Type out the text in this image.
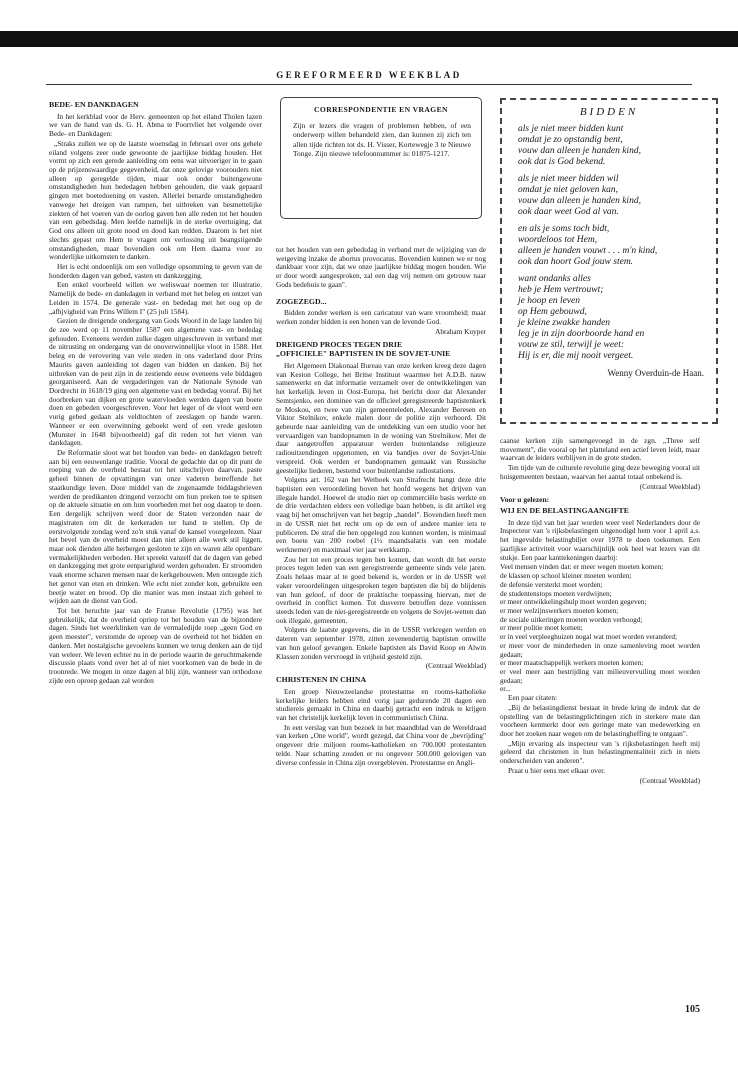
GEREFORMEERD WEEKBLAD
BEDE- EN DANKDAGEN

In het kerkblad voor de Herv. gemeenten op het eiland Tholen lazen we van de hand van ds. G. H. Abma te Poortvliet het volgende over Bede- en Dankdagen:

„Straks zullen we op de laatste woensdag in februari over ons gehele eiland volgens zeer oude gewoonte de jaarlijkse biddag houden. Het vormt op zich een gerede aanleiding om eens wat uitvoeriger in te gaan op de prijzenswaardige gegevenheid, dat onze gelovige voorouders niet alleen op geregelde tijden, maar ook onder buitengewone omstandigheden hun bededagen hebben gehouden, die vaak gepaard gingen met boetedoening en vasten. Allerlei benarde omstandigheden vanwege het dreigen van rampen, het uitbreken van besmettelijke ziekten of het voeren van de oorlog gaven hen alle reden tot het houden van een gebedsdag. Men leefde namelijk in de sterke overtuiging, dat God ons alleen uit grote nood en dood kan redden. Daarom is het niet slechts gepast om Hem te vragen om verlossing uit beangstigende omstandigheden, maar bovendien ook om Hem daarna voor zo wonderlijke uitkomsten te danken.

Het is echt ondoenlijk om een volledige opsomming te geven van de honderden dagen van gebed, vasten en dankzegging.

Een enkel voorbeeld willen we weliswaar noemen ter illustratie. Namelijk de bede- en dankdagen in verband met het beleg en ontzet van Leiden in 1574. De generale vast- en bededag met het oog op de „afhjvigheid van Prins Willem I" (25 juli 1584).

Gezien de dreigende ondergang van Gods Woord in de lage landen bij de zee werd op 11 november 1587 een algemene vast- en bededag gehouden. Eveneens werden zulke dagen uitgeschreven in verband met de uitrusting en ondergang van de onoverwinnelijke vloot in 1588. Het beleg en de verovering van vele steden in ons vaderland door Prins Maurits gaven aanleiding tot dagen van bidden en danken. Bij het uitbreken van de pest zijn in de zestiende eeuw eveneens vele biddagen georganiseerd. Aan de vergaderingen van de Nationale Synode van Dordrecht in 1618/19 ging een algemene vast en bededag vooraf. Bij het doorbreken van dijken en grote watervloeden werden dagen van boete doen en gebeden voorgeschreven. Voor het leger of de vloot werd een vurig gebed gedaan als veldtochten of zeeslagen op hande waren. Wanneer er een overwinning geboekt werd of een vrede gesloten (Munster in 1648 bijvoorbeeld) gaf dit reden tot het vieren van dankdagen.

De Reformatie sloot wat het houden van bede- en dankdagen betreft aan bij een eeuwenlange traditie. Vooral de gedachte dat op dit punt de roeping van de overheid bestaat tot het uitschrijven daarvan, paste geheel binnen de opvattingen van onze vaderen betreffende het staatkundige leven. Door middel van de zogenaamde biddagsbrieven werden de predikanten dringend verzocht om hun preken toe te spitsen op de aktuele situatie en om hun voorbeden met het oog daarop te doen. Een dergelijk schrijven werd door de Staten verzonden naar de magistraten om dit de kerkeraden ter hand te stellen. Op de eerstvolgende zondag werd zo'n stuk vanaf de kansel voorgelezen. Naar het bevel van de overheid moest dan niet alleen alle werk stil liggen, maar ook dienden alle herbergen gesloten te zijn en waren alle openbare vermakelijkheden verboden. Het spreekt vanzelf dat de dagen van gebed en dankzegging met grote eenparigheid werden gehouden. Er stroomden vaak enorme scharen mensen naar de kerkgebouwen. Men ontzegde zich het genot van eten en drinken. Wie echt niet zonder kon, gebruikte een beetje water en brood. Op die manier was men instaat zich geheel te wijden aan de dienst van God.

Tot het beruchte jaar van de Franse Revolutie (1795) was het gebruikelijk, dat de overheid opriep tot het houden van de bijzondere dagen. Sinds het weerklinken van de vermaledijde roep „geen God en geen meester", verstomde de oproep van de overheid tot het bidden en danken. Met nostalgische gevoelens kunnen we terug denken aan de tijd van weleer. We leven echter nu in de periode waarin de geruchtmakende discussie plaats vond over het al of niet voorkomen van de bede in de troonrede. We mogen in onze dagen al blij zijn, wanneer van orthodoxe zijde een oproep gedaan zal worden

CORRESPONDENTIE EN VRAGEN
Zijn er lezers die vragen of problemen hebben, of een onderwerp willen behandeld zien, dan kunnen zij zich ten allen tijde richten tot ds. H. Visser, Kortewegje 3 te Nieuwe Tonge. Zijn nieuwe telefoonnummer is: 01875-1217.
BIDDEN
als je niet meer bidden kunt
omdat je zo opstandig bent,
vouw dan alleen je handen kind,
ook dat is God bekend.
als je niet meer bidden wil
omdat je niet geloven kan,
vouw dan alleen je handen kind,
ook daar weet God al van.
en als je soms toch bidt,
woordeloos tot Hem,
alleen je handen vouwt . . . m'n kind,
ook dan hoort God jouw stem.
want ondanks alles
heb je Hem vertrouwt;
je hoop en leven
op Hem gebouwd,
je kleine zwakke handen
leg je in zijn doorboorde hand en
vouw ze stil, terwijl je weet:
Hij is er, die mij nooit vergeet.
Wenny Overduin-de Haan.

tot het houden van een gebedsdag in verband met de wijziging van de wetgeving inzake de abortus provocatus. Bovendien kunnen we er nog dankbaar voor zijn, dat we onze jaarlijkse biddag mogen houden. Wie er door wordt aangesproken, zal een dag vrij nemen om getrouw naar Gods bedehuis te gaan".

ZOGEZEGD...

Bidden zonder werken is een caricatuur van ware vroomheid; maar werken zonder bidden is een honen van de levende God.

Abraham Kuyper
DREIGEND PROCES TEGEN DRIE
„OFFICIELE" BAPTISTEN IN DE SOVJET-UNIE

Het Algemeen Diakonaal Bureau van onze kerken kreeg deze dagen van Keston College, het Britse Instituut waarmee het A.D.B. nauw samenwerkt en dat informatie verzamelt over de ontwikkelingen van het kerkelijk leven in Oost-Europa, het bericht door dat Alexander Semtsjenko, een dominee van de officieel geregistreerde baptistenkerk te Moskou, en twee van zijn gemeenteleden, Alexander Beresen en Viktor Stelnikov, enkele malen door de politie zijn verhoord. Dit gebeurde naar aanleiding van de ontdekking van een studio voor het vervaardigen van bandopnamen in de woning van Strelnikow. Met de daar aangetroffen apparatuur werden buitenlandse religieuze radiouitzendingen opgenomen, en via bandjes over de Sovjet-Unie verspreid. Ook werden er bandopnamen gemaakt van Russische geestelijke liederen, bestemd voor buitenlandse radiostations.

Volgens art. 162 van het Wetboek van Strafrecht hangt deze drie baptisten een veroordeling boven het hoofd wegens het drijven van illegale handel. Hoewel de studio niet op commerciële basis werkte en de drie verdachten elders een volledige baan hebben, is dit artikel erg vaag bij het omschrijven van het begrip „handel". Bovendien heeft men in de USSR niet het recht om op de een of andere manier iets te publiceren. De straf die hen opgelegd zou kunnen worden, is minimaal een boete van 200 roebel (1½ maandsalaris van een modale werknemer) en maximaal vier jaar werkkamp.

Zou het tot een proces tegen hen komen, dan wordt dit het eerste proces tegen leden van een geregistreerde gemeente sinds vele jaren. Zoals helaas maar al te goed bekend is, worden er in de USSR wel vaker veroordelingen uitgesproken tegen baptisten die bij de blijdenis van hun geloof, of door de praktische toepassing hiervan, met de overheid in conflict komen. Tot dusverre betroffen deze vonnissen steeds leden van de niet-geregistreerde en volgens de Sovjet-wetten dan ook illegale, gemeenten.

Volgens de laatste gegevens, die in de USSR verkregen werden en dateren van september 1978, zitten zevenendertig baptisten omwille van hun geloof gevangen. Enkele baptisten als David Koop en Alwin Klassen zonden vervroegd in vrijheid gesteld zijn.

(Centraal Weekblad)
CHRISTENEN IN CHINA

Een groep Nieuwzeelandse protestantse en rooms-katholieke kerkelijke leiders hebben eind vorig jaar gedurende 20 dagen een studiereis gemaakt in China en daarbij getracht een indruk te krijgen van het christelijk kerkelijk leven in communistisch China.

In een verslag van hun bezoek in het maandblad van de Wereldraad van kerken „One world", wordt gezegd, dat China voor de „bevrijding" ongeveer drie miljoen rooms-katholieken en 700.000 protestanten telde. Naar schatting zouden er nu ongeveer 500.000 gelovigen van diverse confessie in China zijn overgebleven. Protestantse en Angli-

caanse kerken zijn samengevoegd in de zgn. „Three self movement", die vooral op het platteland een actief leven leidt, maar waarvan de leiders verblijven in de grote steden.

Ten tijde van de culturele revolutie ging deze beweging vooral uit huisgemeenten bestaan, waarvan het aantal totaal onbekend is.

(Centraal Weekblad)
Voor u gelezen:
WIJ EN DE BELASTINGAANGIFTE

In deze tijd van het jaar worden weer veel Nederlanders door de Inspecteur van 's rijksbelastingen uitgenodigd hem voor 1 april a.s. het ingevulde belastingbiljet over 1978 te doen toekomen. Een jaarlijkse activiteit voor waarschijnlijk ook heel wat lezers van dit stukje. Een paar kanttekeningen daarbij:

Veel mensen vinden dat: er meer wegen moeten komen;

de klassen op school kleiner moeten worden;

de defensie versterkt moet worden;

de studentenstops moeten verdwijnen;

er meer ontwikkelingshulp moet worden gegeven;

er meer welzijnswerkers moeten komen;

de sociale uitkeringen moeten worden verhoogd;

er meer politie moet komen;

er in veel verpleeghuizen nogal wat moet worden veranderd;

er meer voor de minderheden in onze samenleving moet worden gedaan;

er meer maatschappelijk werkers moeten komen;

er veel meer aan bestrijding van milieuvervuiling moet worden gedaan;

er...

Een paar citaten:

„Bij de belastingdienst bestaat in brede kring de indruk dat de opstelling van de belastingplichtingen zich in sterkere mate dan voorheen kenmerkt door een geringe mate van medewerking en door het zoeken naar wegen om de belastingheffing te ontgaan".

„Mijn ervaring als inspecteur van 's rijksbelastingen heeft mij geleerd dat christenen in hun belastingmentaliteit zich in niets onderscheiden van anderen".

Praat u hier eens met elkaar over.

(Centraal Weekblad)
105
